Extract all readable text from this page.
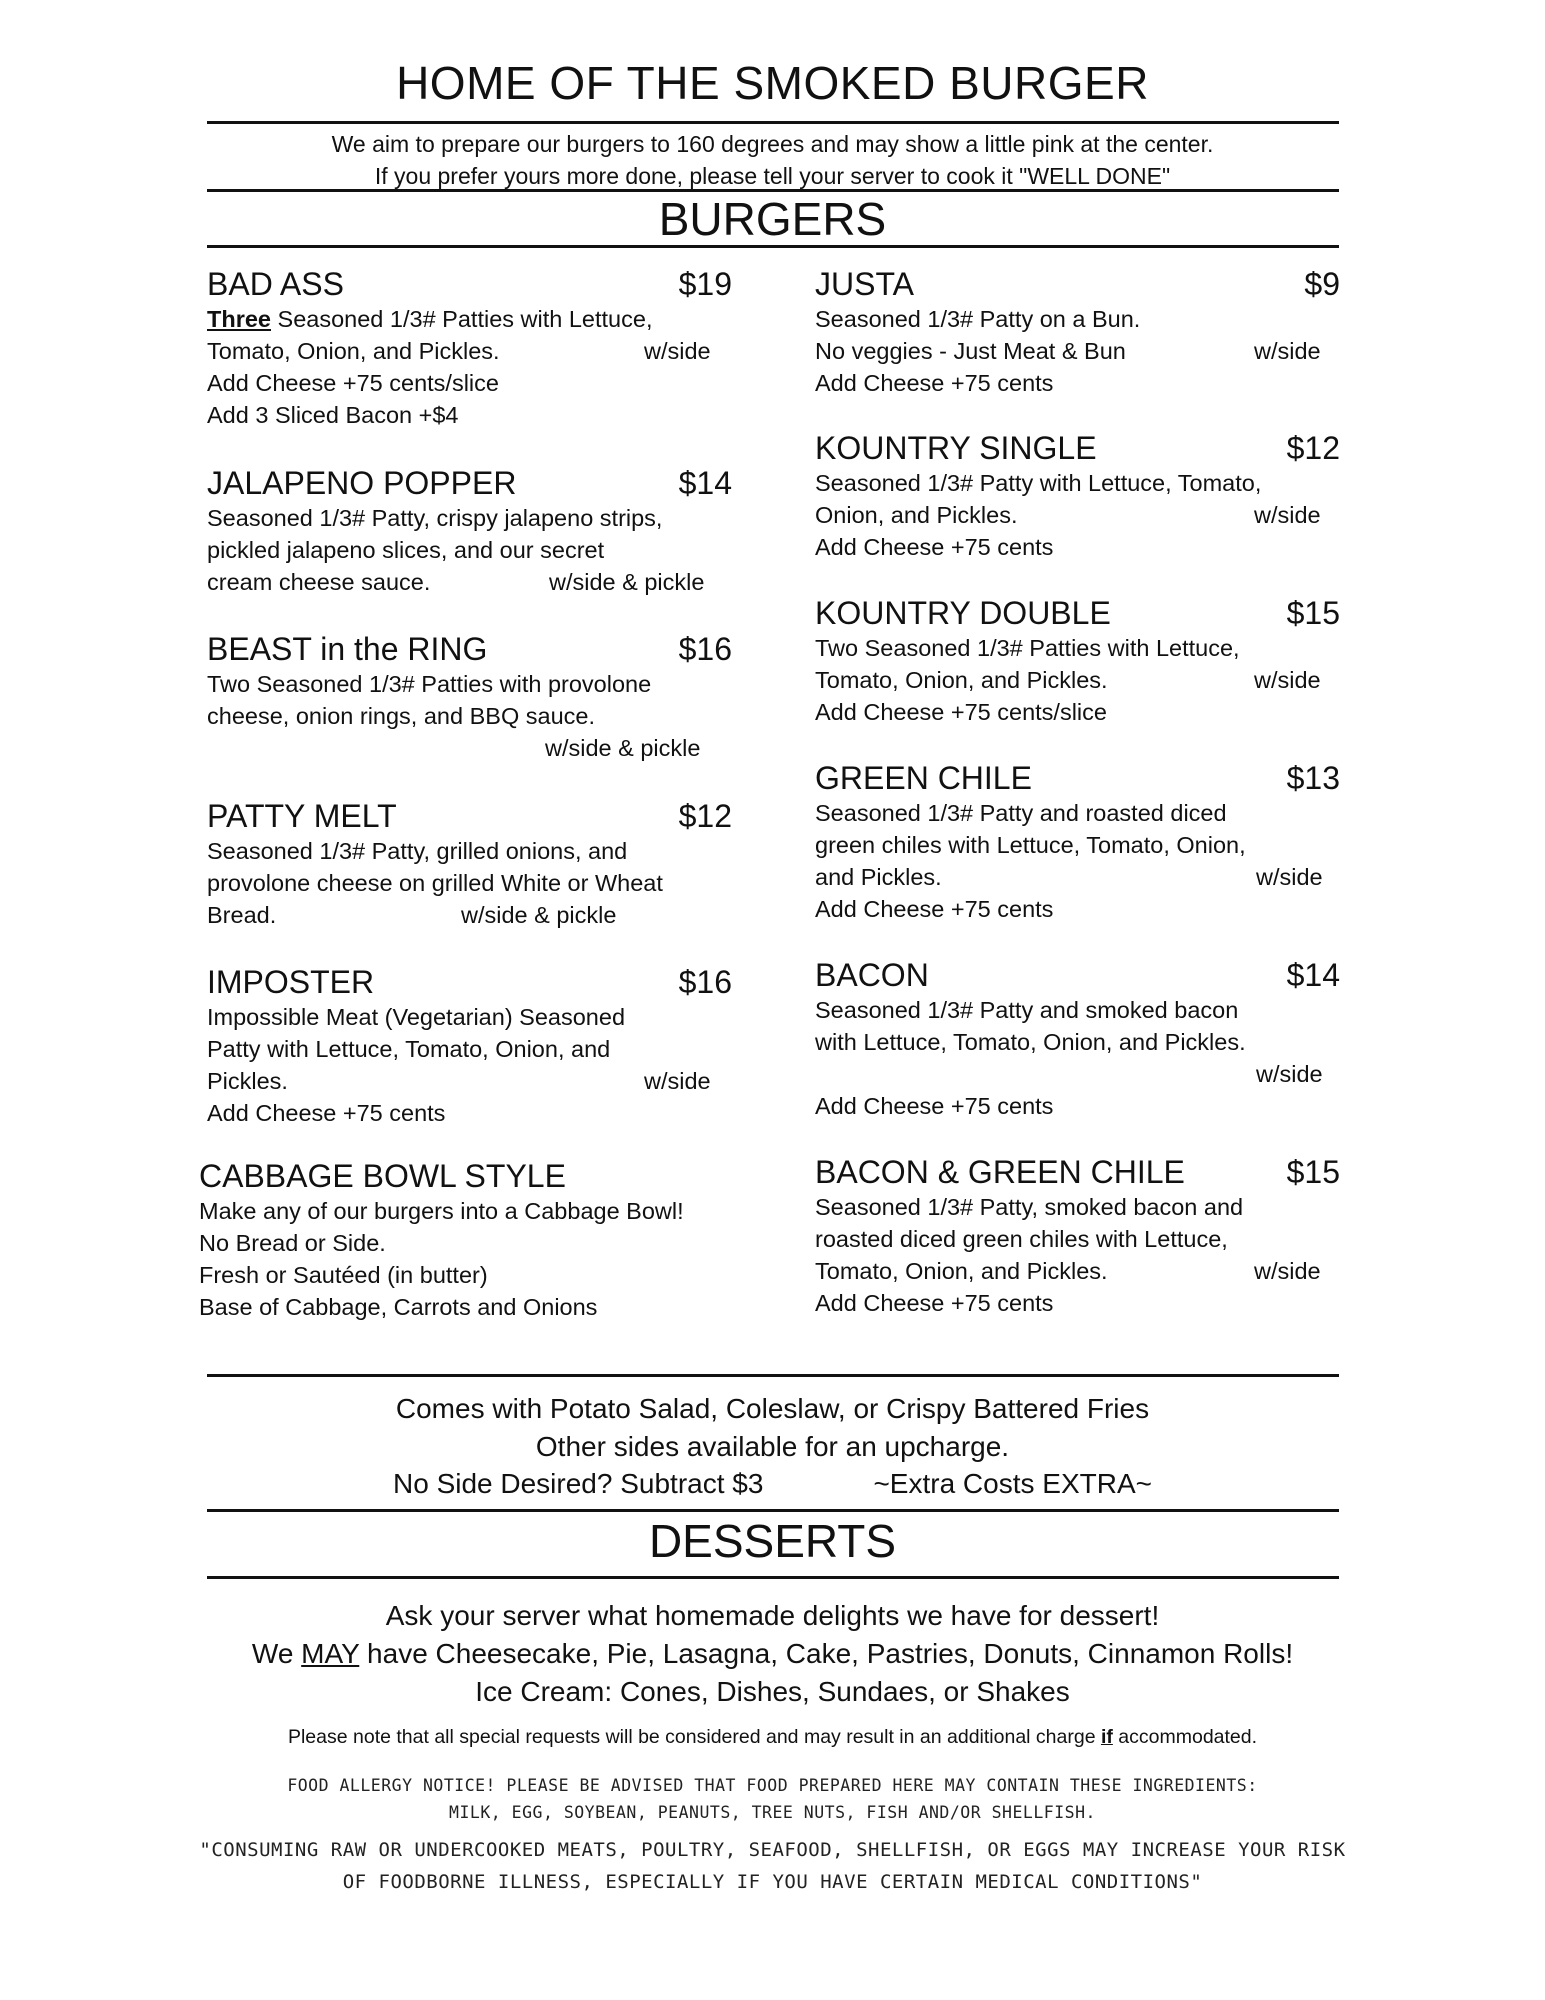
HOME OF THE SMOKED BURGER
We aim to prepare our burgers to 160 degrees and may show a little pink at the center.
If you prefer yours more done, please tell your server to cook it "WELL DONE"
BURGERS
BAD ASS	$19
Three Seasoned 1/3# Patties with Lettuce,
Tomato, Onion, and Pickles.	w/side
Add Cheese +75 cents/slice
Add 3 Sliced Bacon +$4
JALAPENO POPPER	$14
Seasoned 1/3# Patty, crispy jalapeno strips,
pickled jalapeno slices, and our secret
cream cheese sauce.	w/side & pickle
BEAST in the RING	$16
Two Seasoned 1/3# Patties with provolone
cheese, onion rings, and BBQ sauce.
w/side & pickle
PATTY MELT	$12
Seasoned 1/3# Patty, grilled onions, and
provolone cheese on grilled White or Wheat
Bread.	w/side & pickle
IMPOSTER	$16
Impossible Meat (Vegetarian) Seasoned
Patty with Lettuce, Tomato, Onion, and
Pickles.	w/side
Add Cheese +75 cents
CABBAGE BOWL STYLE
Make any of our burgers into a Cabbage Bowl!
No Bread or Side.
Fresh or Sautéed (in butter)
Base of Cabbage, Carrots and Onions
JUSTA	$9
Seasoned 1/3# Patty on a Bun.
No veggies - Just Meat & Bun	w/side
Add Cheese +75 cents
KOUNTRY SINGLE	$12
Seasoned 1/3# Patty with Lettuce, Tomato,
Onion, and Pickles.	w/side
Add Cheese +75 cents
KOUNTRY DOUBLE	$15
Two Seasoned 1/3# Patties with Lettuce,
Tomato, Onion, and Pickles.	w/side
Add Cheese +75 cents/slice
GREEN CHILE	$13
Seasoned 1/3# Patty and roasted diced
green chiles with Lettuce, Tomato, Onion,
and Pickles.	w/side
Add Cheese +75 cents
BACON	$14
Seasoned 1/3# Patty and smoked bacon
with Lettuce, Tomato, Onion, and Pickles.
w/side
Add Cheese +75 cents
BACON & GREEN CHILE	$15
Seasoned 1/3# Patty, smoked bacon and
roasted diced green chiles with Lettuce,
Tomato, Onion, and Pickles.	w/side
Add Cheese +75 cents
Comes with Potato Salad, Coleslaw, or Crispy Battered Fries
Other sides available for an upcharge.
No Side Desired? Subtract $3	~Extra Costs EXTRA~
DESSERTS
Ask your server what homemade delights we have for dessert!
We MAY have Cheesecake, Pie, Lasagna, Cake, Pastries, Donuts, Cinnamon Rolls!
Ice Cream: Cones, Dishes, Sundaes, or Shakes
Please note that all special requests will be considered and may result in an additional charge if accommodated.
FOOD ALLERGY NOTICE! PLEASE BE ADVISED THAT FOOD PREPARED HERE MAY CONTAIN THESE INGREDIENTS:
MILK, EGG, SOYBEAN, PEANUTS, TREE NUTS, FISH AND/OR SHELLFISH.
"CONSUMING RAW OR UNDERCOOKED MEATS, POULTRY, SEAFOOD, SHELLFISH, OR EGGS MAY INCREASE YOUR RISK
OF FOODBORNE ILLNESS, ESPECIALLY IF YOU HAVE CERTAIN MEDICAL CONDITIONS"
